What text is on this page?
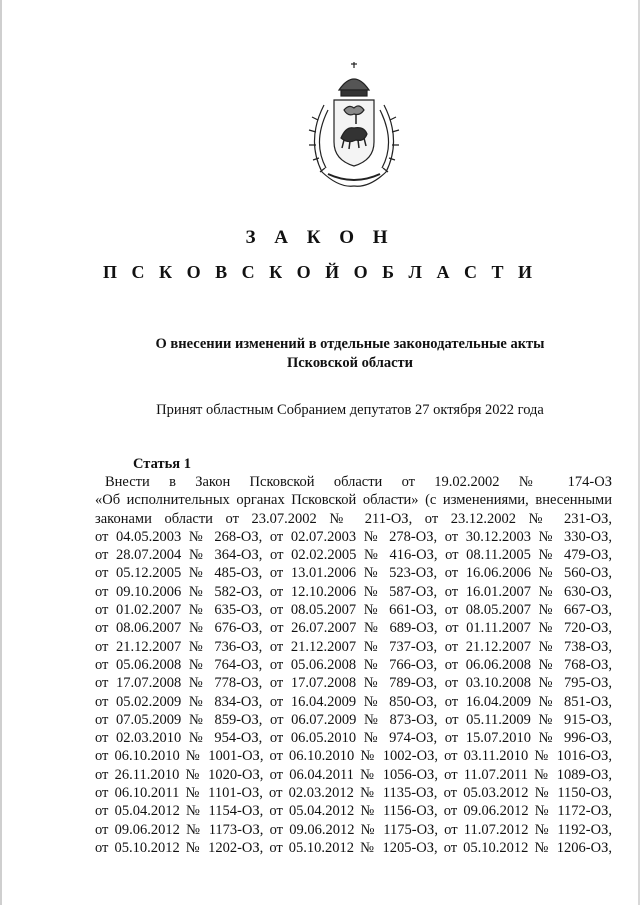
З А К О Н
П С К О В С К О Й О Б Л А С Т И
О внесении изменений в отдельные законодательные акты
Псковской области
Принят областным Собранием депутатов 27 октября 2022 года
Статья 1
Внести в Закон Псковской области от 19.02.2002 № 174-ОЗ
«Об исполнительных органах Псковской области» (с изменениями, внесенными
законами области от 23.07.2002 № 211-ОЗ, от 23.12.2002 № 231-ОЗ,
от 04.05.2003 № 268-ОЗ, от 02.07.2003 № 278-ОЗ, от 30.12.2003 № 330-ОЗ,
от 28.07.2004 № 364-ОЗ, от 02.02.2005 № 416-ОЗ, от 08.11.2005 № 479-ОЗ,
от 05.12.2005 № 485-ОЗ, от 13.01.2006 № 523-ОЗ, от 16.06.2006 № 560-ОЗ,
от 09.10.2006 № 582-ОЗ, от 12.10.2006 № 587-ОЗ, от 16.01.2007 № 630-ОЗ,
от 01.02.2007 № 635-ОЗ, от 08.05.2007 № 661-ОЗ, от 08.05.2007 № 667-ОЗ,
от 08.06.2007 № 676-ОЗ, от 26.07.2007 № 689-ОЗ, от 01.11.2007 № 720-ОЗ,
от 21.12.2007 № 736-ОЗ, от 21.12.2007 № 737-ОЗ, от 21.12.2007 № 738-ОЗ,
от 05.06.2008 № 764-ОЗ, от 05.06.2008 № 766-ОЗ, от 06.06.2008 № 768-ОЗ,
от 17.07.2008 № 778-ОЗ, от 17.07.2008 № 789-ОЗ, от 03.10.2008 № 795-ОЗ,
от 05.02.2009 № 834-ОЗ, от 16.04.2009 № 850-ОЗ, от 16.04.2009 № 851-ОЗ,
от 07.05.2009 № 859-ОЗ, от 06.07.2009 № 873-ОЗ, от 05.11.2009 № 915-ОЗ,
от 02.03.2010 № 954-ОЗ, от 06.05.2010 № 974-ОЗ, от 15.07.2010 № 996-ОЗ,
от 06.10.2010 № 1001-ОЗ, от 06.10.2010 № 1002-ОЗ, от 03.11.2010 № 1016-ОЗ,
от 26.11.2010 № 1020-ОЗ, от 06.04.2011 № 1056-ОЗ, от 11.07.2011 № 1089-ОЗ,
от 06.10.2011 № 1101-ОЗ, от 02.03.2012 № 1135-ОЗ, от 05.03.2012 № 1150-ОЗ,
от 05.04.2012 № 1154-ОЗ, от 05.04.2012 № 1156-ОЗ, от 09.06.2012 № 1172-ОЗ,
от 09.06.2012 № 1173-ОЗ, от 09.06.2012 № 1175-ОЗ, от 11.07.2012 № 1192-ОЗ,
от 05.10.2012 № 1202-ОЗ, от 05.10.2012 № 1205-ОЗ, от 05.10.2012 № 1206-ОЗ,
